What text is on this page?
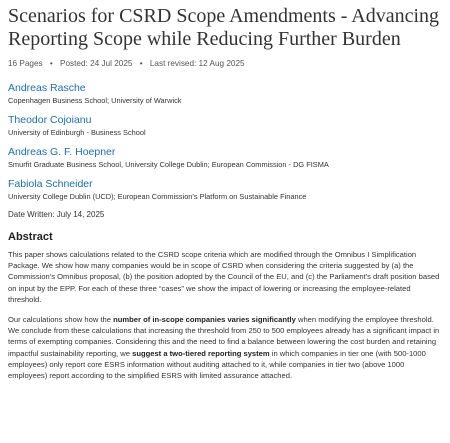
Scenarios for CSRD Scope Amendments - Advancing Reporting Scope while Reducing Further Burden
16 Pages • Posted: 24 Jul 2025 • Last revised: 12 Aug 2025
Andreas Rasche
Copenhagen Business School; University of Warwick
Theodor Cojoianu
University of Edinburgh - Business School
Andreas G. F. Hoepner
Smurfit Graduate Business School, University College Dublin; European Commission - DG FISMA
Fabiola Schneider
University College Dublin (UCD); European Commission's Platform on Sustainable Finance
Date Written: July 14, 2025
Abstract

This paper shows calculations related to the CSRD scope criteria which are modified through the Omnibus I Simplification Package. We show how many companies would be in scope of CSRD when considering the criteria suggested by (a) the Commission's Omnibus proposal, (b) the position adopted by the Council of the EU, and (c) the Parliament's draft position based on input by the EPP. For each of these three “cases” we show the impact of lowering or increasing the employee-related threshold.

Our calculations show how the number of in-scope companies varies significantly when modifying the employee threshold. We conclude from these calculations that increasing the threshold from 250 to 500 employees already has a significant impact in terms of exempting companies. Considering this and the need to find a balance between lowering the cost burden and retaining impactful sustainability reporting, we suggest a two-tiered reporting system in which companies in tier one (with 500-1000 employees) only report core ESRS information without auditing attached to it, while companies in tier two (above 1000 employees) report according to the simplified ESRS with limited assurance attached.
